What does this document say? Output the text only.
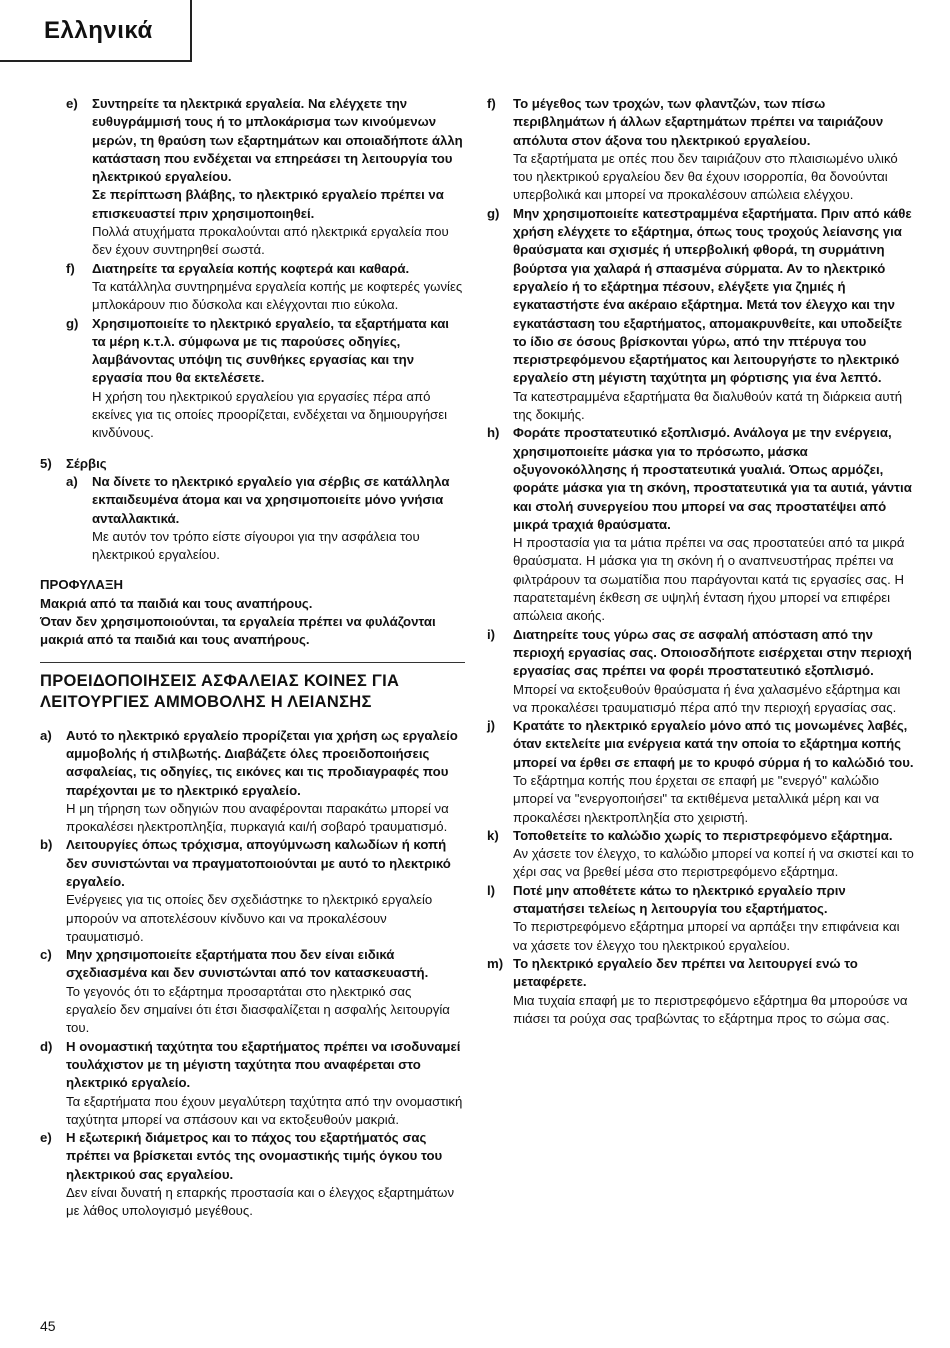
Ελληνικά
e)	Συντηρείτε τα ηλεκτρικά εργαλεία. Να ελέγχετε την ευθυγράμμισή τους ή το μπλοκάρισμα των κινούμενων μερών, τη θραύση των εξαρτημάτων και οποιαδήποτε άλλη κατάσταση που ενδέχεται να επηρεάσει τη λειτουργία του ηλεκτρικού εργαλείου.
Σε περίπτωση βλάβης, το ηλεκτρικό εργαλείο πρέπει να επισκευαστεί πριν χρησιμοποιηθεί.
Πολλά ατυχήματα προκαλούνται από ηλεκτρικά εργαλεία που δεν έχουν συντηρηθεί σωστά.
f)	Διατηρείτε τα εργαλεία κοπής κοφτερά και καθαρά.
Τα κατάλληλα συντηρημένα εργαλεία κοπής με κοφτερές γωνίες μπλοκάρουν πιο δύσκολα και ελέγχονται πιο εύκολα.
g)	Χρησιμοποιείτε το ηλεκτρικό εργαλείο, τα εξαρτήματα και τα μέρη κ.τ.λ. σύμφωνα με τις παρούσες οδηγίες, λαμβάνοντας υπόψη τις συνθήκες εργασίας και την εργασία που θα εκτελέσετε.
Η χρήση του ηλεκτρικού εργαλείου για εργασίες πέρα από εκείνες για τις οποίες προορίζεται, ενδέχεται να δημιουργήσει κινδύνους.
5)	Σέρβις
a)	Να δίνετε το ηλεκτρικό εργαλείο για σέρβις σε κατάλληλα εκπαιδευμένα άτομα και να χρησιμοποιείτε μόνο γνήσια ανταλλακτικά.
Με αυτόν τον τρόπο είστε σίγουροι για την ασφάλεια του ηλεκτρικού εργαλείου.
ΠΡΟΦΥΛΑΞΗ
Μακριά από τα παιδιά και τους αναπήρους.
Όταν δεν χρησιμοποιούνται, τα εργαλεία πρέπει να φυλάζονται μακριά από τα παιδιά και τους αναπήρους.
ΠΡΟΕΙΔΟΠΟΙΗΣΕΙΣ ΑΣΦΑΛΕΙΑΣ ΚΟΙΝΕΣ ΓΙΑ ΛΕΙΤΟΥΡΓΙΕΣ ΑΜΜΟΒΟΛΗΣ Η ΛΕΙΑΝΣΗΣ
a)	Αυτό το ηλεκτρικό εργαλείο προρίζεται για χρήση ως εργαλείο αμμοβολής ή στιλβωτής. Διαβάζετε όλες προειδοποιήσεις ασφαλείας, τις οδηγίες, τις εικόνες και τις προδιαγραφές που παρέχονται με το ηλεκτρικό εργαλείο.
Η μη τήρηση των οδηγιών που αναφέρονται παρακάτω μπορεί να προκαλέσει ηλεκτροπληξία, πυρκαγιά και/ή σοβαρό τραυματισμό.
b)	Λειτουργίες όπως τρόχισμα, απογύμνωση καλωδίων ή κοπή δεν συνιστώνται να πραγματοποιούνται με αυτό το ηλεκτρικό εργαλείο.
Ενέργειες για τις οποίες δεν σχεδιάστηκε το ηλεκτρικό εργαλείο μπορούν να αποτελέσουν κίνδυνο και να προκαλέσουν τραυματισμό.
c)	Μην χρησιμοποιείτε εξαρτήματα που δεν είναι ειδικά σχεδιασμένα και δεν συνιστώνται από τον κατασκευαστή.
Το γεγονός ότι το εξάρτημα προσαρτάται στο ηλεκτρικό σας εργαλείο δεν σημαίνει ότι έτσι διασφαλίζεται η ασφαλής λειτουργία του.
d)	Η ονομαστική ταχύτητα του εξαρτήματος πρέπει να ισοδυναμεί τουλάχιστον με τη μέγιστη ταχύτητα που αναφέρεται στο ηλεκτρικό εργαλείο.
Τα εξαρτήματα που έχουν μεγαλύτερη ταχύτητα από την ονομαστική ταχύτητα μπορεί να σπάσουν και να εκτοξευθούν μακριά.
e)	Η εξωτερική διάμετρος και το πάχος του εξαρτήματός σας πρέπει να βρίσκεται εντός της ονομαστικής τιμής όγκου του ηλεκτρικού σας εργαλείου.
Δεν είναι δυνατή η επαρκής προστασία και ο έλεγχος εξαρτημάτων με λάθος υπολογισμό μεγέθους.
f)	Το μέγεθος των τροχών, των φλαντζών, των πίσω περιβλημάτων ή άλλων εξαρτημάτων πρέπει να ταιριάζουν απόλυτα στον άξονα του ηλεκτρικού εργαλείου.
Τα εξαρτήματα με οπές που δεν ταιριάζουν στο πλαισιωμένο υλικό του ηλεκτρικού εργαλείου δεν θα έχουν ισορροπία, θα δονούνται υπερβολικά και μπορεί να προκαλέσουν απώλεια ελέγχου.
g)	Μην χρησιμοποιείτε κατεστραμμένα εξαρτήματα. Πριν από κάθε χρήση ελέγχετε το εξάρτημα, όπως τους τροχούς λείανσης για θραύσματα και σχισμές ή υπερβολική φθορά, τη συρμάτινη βούρτσα για χαλαρά ή σπασμένα σύρματα. Αν το ηλεκτρικό εργαλείο ή το εξάρτημα πέσουν, ελέγξετε για ζημιές ή εγκαταστήστε ένα ακέραιο εξάρτημα. Μετά τον έλεγχο και την εγκατάσταση του εξαρτήματος, απομακρυνθείτε, και υποδείξτε το ίδιο σε όσους βρίσκονται γύρω, από την πτέρυγα του περιστρεφόμενου εξαρτήματος και λειτουργήστε το ηλεκτρικό εργαλείο στη μέγιστη ταχύτητα μη φόρτισης για ένα λεπτό.
Τα κατεστραμμένα εξαρτήματα θα διαλυθούν κατά τη διάρκεια αυτή της δοκιμής.
h)	Φοράτε προστατευτικό εξοπλισμό. Ανάλογα με την ενέργεια, χρησιμοποιείτε μάσκα για το πρόσωπο, μάσκα οξυγονοκόλλησης ή προστατευτικά γυαλιά. Όπως αρμόζει, φοράτε μάσκα για τη σκόνη, προστατευτικά για τα αυτιά, γάντια και στολή συνεργείου που μπορεί να σας προστατέψει από μικρά τραχιά θραύσματα.
Η προστασία για τα μάτια πρέπει να σας προστατεύει από τα μικρά θραύσματα. Η μάσκα για τη σκόνη ή ο αναπνευστήρας πρέπει να φιλτράρουν τα σωματίδια που παράγονται κατά τις εργασίες σας. Η παρατεταμένη έκθεση σε υψηλή ένταση ήχου μπορεί να επιφέρει απώλεια ακοής.
i)	Διατηρείτε τους γύρω σας σε ασφαλή απόσταση από την περιοχή εργασίας σας. Οποιοσδήποτε εισέρχεται στην περιοχή εργασίας σας πρέπει να φορέι προστατευτικό εξοπλισμό.
Μπορεί να εκτοξευθούν θραύσματα ή ένα χαλασμένο εξάρτημα και να προκαλέσει τραυματισμό πέρα από την περιοχή εργασίας σας.
j)	Κρατάτε το ηλεκτρικό εργαλείο μόνο από τις μονωμένες λαβές, όταν εκτελείτε μια ενέργεια κατά την οποία το εξάρτημα κοπής μπορεί να έρθει σε επαφή με το κρυφό σύρμα ή το καλώδιό του.
Το εξάρτημα κοπής που έρχεται σε επαφή με "ενεργό" καλώδιο μπορεί να "ενεργοποιήσει" τα εκτιθέμενα μεταλλικά μέρη και να προκαλέσει ηλεκτροπληξία στο χειριστή.
k)	Τοποθετείτε το καλώδιο χωρίς το περιστρεφόμενο εξάρτημα.
Αν χάσετε τον έλεγχο, το καλώδιο μπορεί να κοπεί ή να σκιστεί και το χέρι σας να βρεθεί μέσα στο περιστρεφόμενο εξάρτημα.
l)	Ποτέ μην αποθέτετε κάτω το ηλεκτρικό εργαλείο πριν σταματήσει τελείως η λειτουργία του εξαρτήματος.
Το περιστρεφόμενο εξάρτημα μπορεί να αρπάξει την επιφάνεια και να χάσετε τον έλεγχο του ηλεκτρικού εργαλείου.
m) Το ηλεκτρικό εργαλείο δεν πρέπει να λειτουργεί ενώ το μεταφέρετε.
Μια τυχαία επαφή με το περιστρεφόμενο εξάρτημα θα μπορούσε να πιάσει τα ρούχα σας τραβώντας το εξάρτημα προς το σώμα σας.
45
